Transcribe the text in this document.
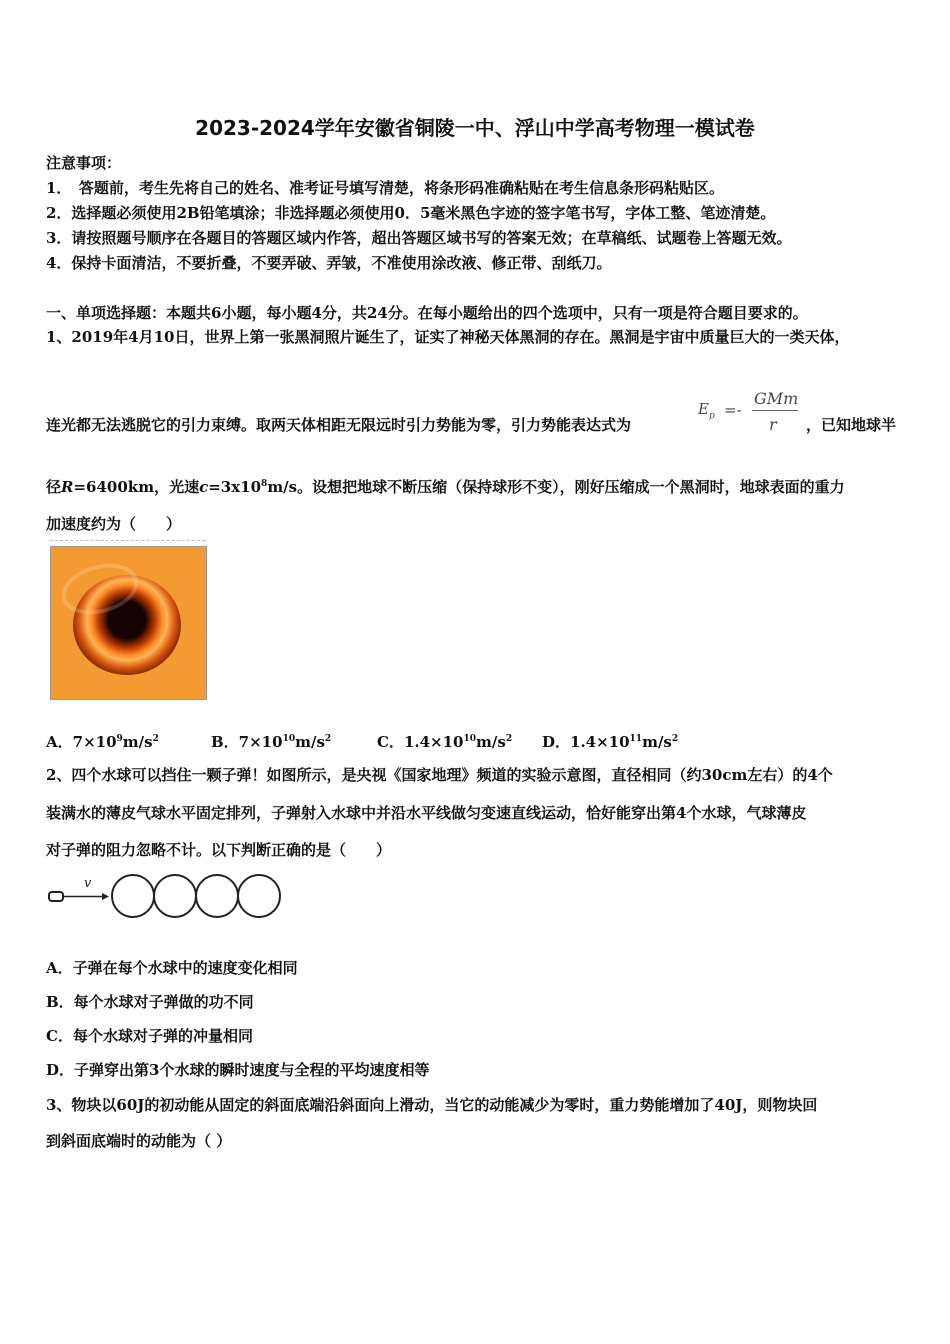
2023-2024学年安徽省铜陵一中、浮山中学高考物理一模试卷
注意事项：
1．　答题前，考生先将自己的姓名、准考证号填写清楚，将条形码准确粘贴在考生信息条形码粘贴区。
2．选择题必须使用2B铅笔填涂；非选择题必须使用0．5毫米黑色字迹的签字笔书写，字体工整、笔迹清楚。
3．请按照题号顺序在各题目的答题区域内作答，超出答题区域书写的答案无效；在草稿纸、试题卷上答题无效。
4．保持卡面清洁，不要折叠，不要弄破、弄皱，不准使用涂改液、修正带、刮纸刀。
一、单项选择题：本题共6小题，每小题4分，共24分。在每小题给出的四个选项中，只有一项是符合题目要求的。
1、2019年4月10日，世界上第一张黑洞照片诞生了，证实了神秘天体黑洞的存在。黑洞是宇宙中质量巨大的一类天体，
连光都无法逃脱它的引力束缚。取两天体相距无限远时引力势能为零，引力势能表达式为
$E_p$ =-
GMm
r ，已知地球半
径R=6400km，光速$c=3x10^8m/s$。设想把地球不断压缩（保持球形不变），刚好压缩成一个黑洞时，地球表面的重力
加速度约为（　　）
A．$7\times 10^9m/s^2$	B．$7\times 10^{10}m/s^2$	C．$1.4\times 10^{10}m/s^2$ D．$1.4\times 10^{11}m/s^2$
2、四个水球可以挡住一颗子弹！如图所示，是央视《国家地理》频道的实验示意图，直径相同（约30cm左右）的4个
装满水的薄皮气球水平固定排列，子弹射入水球中并沿水平线做匀变速直线运动，恰好能穿出第4个水球，气球薄皮
对子弹的阻力忽略不计。以下判断正确的是（　　）
v
A．子弹在每个水球中的速度变化相同
B．每个水球对子弹做的功不同
C．每个水球对子弹的冲量相同
D．子弹穿出第3个水球的瞬时速度与全程的平均速度相等
3、物块以60J的初动能从固定的斜面底端沿斜面向上滑动，当它的动能减少为零时，重力势能增加了40J，则物块回
到斜面底端时的动能为（ ）
